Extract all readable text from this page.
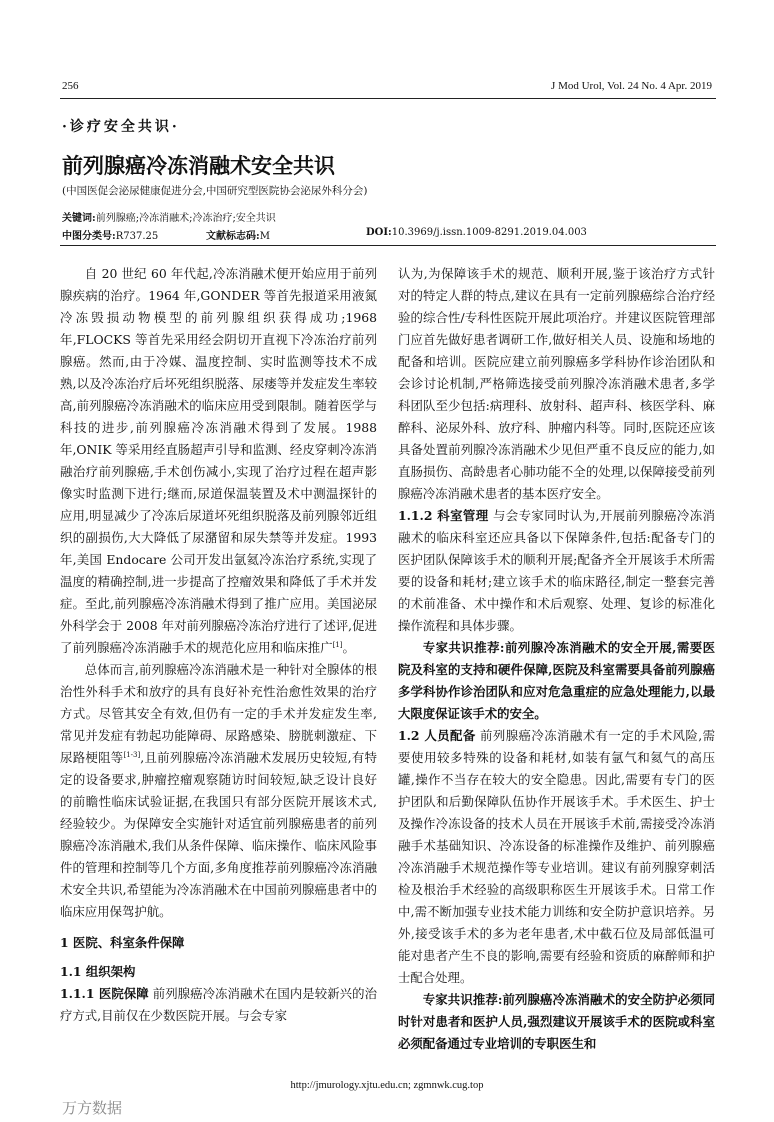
256	J Mod Urol, Vol. 24 No. 4 Apr. 2019
·诊疗安全共识·
前列腺癌冷冻消融术安全共识
(中国医促会泌尿健康促进分会,中国研究型医院协会泌尿外科分会)
关键词:前列腺癌;冷冻消融术;冷冻治疗;安全共识
中图分类号:R737.25	文献标志码:M	DOI:10.3969/j.issn.1009-8291.2019.04.003

自 20 世纪 60 年代起,冷冻消融术便开始应用于前列腺疾病的治疗。1964 年,GONDER 等首先报道采用液氮冷冻毁损动物模型的前列腺组织获得成功;1968 年,FLOCKS 等首先采用经会阴切开直视下冷冻治疗前列腺癌。然而,由于冷媒、温度控制、实时监测等技术不成熟,以及冷冻治疗后坏死组织脱落、尿瘘等并发症发生率较高,前列腺癌冷冻消融术的临床应用受到限制。随着医学与科技的进步,前列腺癌冷冻消融术得到了发展。1988 年,ONIK 等采用经直肠超声引导和监测、经皮穿刺冷冻消融治疗前列腺癌,手术创伤减小,实现了治疗过程在超声影像实时监测下进行;继而,尿道保温装置及术中测温探针的应用,明显减少了冷冻后尿道坏死组织脱落及前列腺邻近组织的副损伤,大大降低了尿潴留和尿失禁等并发症。1993 年,美国 Endocare 公司开发出氩氦冷冻治疗系统,实现了温度的精确控制,进一步提高了控瘤效果和降低了手术并发症。至此,前列腺癌冷冻消融术得到了推广应用。美国泌尿外科学会于 2008 年对前列腺癌冷冻治疗进行了述评,促进了前列腺癌冷冻消融手术的规范化应用和临床推广[1]。

总体而言,前列腺癌冷冻消融术是一种针对全腺体的根治性外科手术和放疗的具有良好补充性治愈性效果的治疗方式。尽管其安全有效,但仍有一定的手术并发症发生率,常见并发症有勃起功能障碍、尿路感染、膀胱刺激症、下尿路梗阻等[1-3],且前列腺癌冷冻消融术发展历史较短,有特定的设备要求,肿瘤控瘤观察随访时间较短,缺乏设计良好的前瞻性临床试验证据,在我国只有部分医院开展该术式,经验较少。为保障安全实施针对适宜前列腺癌患者的前列腺癌冷冻消融术,我们从条件保障、临床操作、临床风险事件的管理和控制等几个方面,多角度推荐前列腺癌冷冻消融术安全共识,希望能为冷冻消融术在中国前列腺癌患者中的临床应用保驾护航。

1 医院、科室条件保障

1.1 组织架构

1.1.1 医院保障 前列腺癌冷冻消融术在国内是较新兴的治疗方式,目前仅在少数医院开展。与会专家

认为,为保障该手术的规范、顺利开展,鉴于该治疗方式针对的特定人群的特点,建议在具有一定前列腺癌综合治疗经验的综合性/专科性医院开展此项治疗。并建议医院管理部门应首先做好患者调研工作,做好相关人员、设施和场地的配备和培训。医院应建立前列腺癌多学科协作诊治团队和会诊讨论机制,严格筛选接受前列腺冷冻消融术患者,多学科团队至少包括:病理科、放射科、超声科、核医学科、麻醉科、泌尿外科、放疗科、肿瘤内科等。同时,医院还应该具备处置前列腺冷冻消融术少见但严重不良反应的能力,如直肠损伤、高龄患者心肺功能不全的处理,以保障接受前列腺癌冷冻消融术患者的基本医疗安全。

1.1.2 科室管理 与会专家同时认为,开展前列腺癌冷冻消融术的临床科室还应具备以下保障条件,包括:配备专门的医护团队保障该手术的顺利开展;配备齐全开展该手术所需要的设备和耗材;建立该手术的临床路径,制定一整套完善的术前准备、术中操作和术后观察、处理、复诊的标准化操作流程和具体步骤。

专家共识推荐:前列腺冷冻消融术的安全开展,需要医院及科室的支持和硬件保障,医院及科室需要具备前列腺癌多学科协作诊治团队和应对危急重症的应急处理能力,以最大限度保证该手术的安全。

1.2 人员配备 前列腺癌冷冻消融术有一定的手术风险,需要使用较多特殊的设备和耗材,如装有氩气和氦气的高压罐,操作不当存在较大的安全隐患。因此,需要有专门的医护团队和后勤保障队伍协作开展该手术。手术医生、护士及操作冷冻设备的技术人员在开展该手术前,需接受冷冻消融手术基础知识、冷冻设备的标准操作及维护、前列腺癌冷冻消融手术规范操作等专业培训。建议有前列腺穿刺活检及根治手术经验的高级职称医生开展该手术。日常工作中,需不断加强专业技术能力训练和安全防护意识培养。另外,接受该手术的多为老年患者,术中截石位及局部低温可能对患者产生不良的影响,需要有经验和资质的麻醉师和护士配合处理。

专家共识推荐:前列腺癌冷冻消融术的安全防护必须同时针对患者和医护人员,强烈建议开展该手术的医院或科室必须配备通过专业培训的专职医生和

http://jmurology.xjtu.edu.cn; zgmnwk.cug.top
万方数据
